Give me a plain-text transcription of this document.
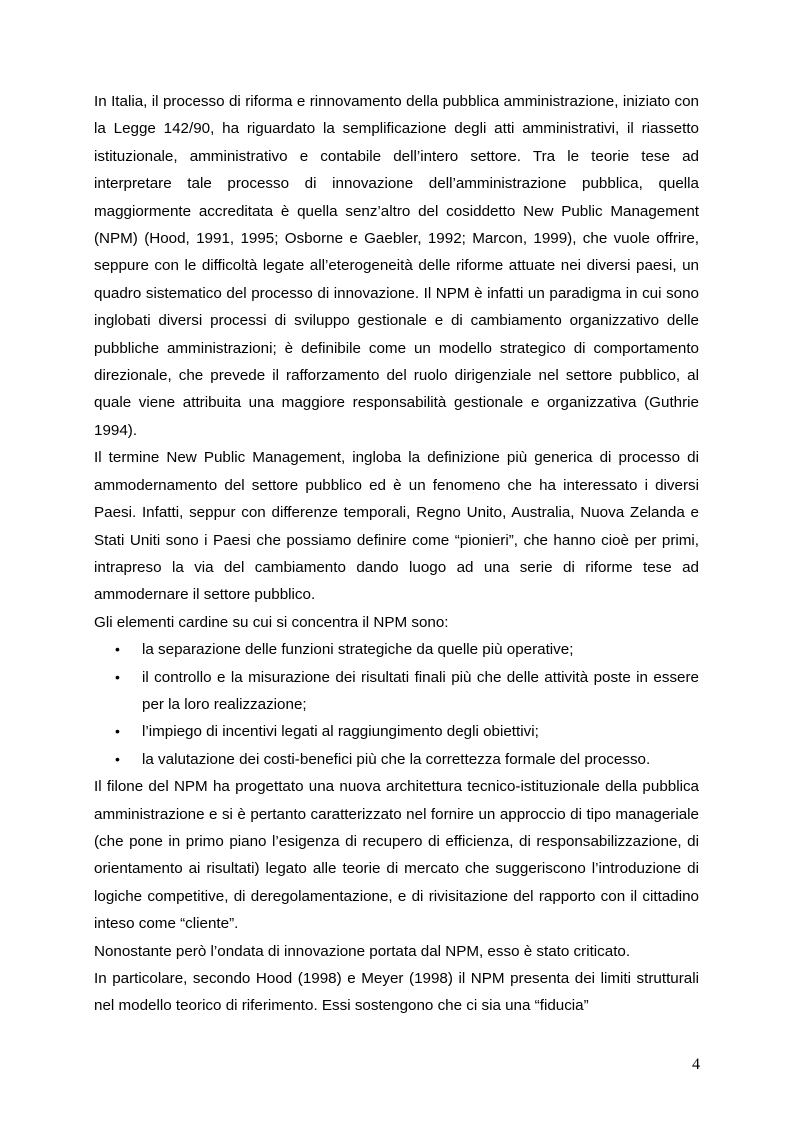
In Italia, il processo di riforma e rinnovamento della pubblica amministrazione, iniziato con la Legge 142/90, ha riguardato la semplificazione degli atti amministrativi, il riassetto istituzionale, amministrativo e contabile dell’intero settore. Tra le teorie tese ad interpretare tale processo di innovazione dell’amministrazione pubblica, quella maggiormente accreditata è quella senz’altro del cosiddetto New Public Management (NPM) (Hood, 1991, 1995; Osborne e Gaebler, 1992; Marcon, 1999), che vuole offrire, seppure con le difficoltà legate all’eterogeneità delle riforme attuate nei diversi paesi, un quadro sistematico del processo di innovazione. Il NPM è infatti un paradigma in cui sono inglobati diversi processi di sviluppo gestionale e di cambiamento organizzativo delle pubbliche amministrazioni; è definibile come un modello strategico di comportamento direzionale, che prevede il rafforzamento del ruolo dirigenziale nel settore pubblico, al quale viene attribuita una maggiore responsabilità gestionale e organizzativa (Guthrie 1994).

Il termine New Public Management, ingloba la definizione più generica di processo di ammodernamento del settore pubblico ed è un fenomeno che ha interessato i diversi Paesi. Infatti, seppur con differenze temporali, Regno Unito, Australia, Nuova Zelanda e Stati Uniti sono i Paesi che possiamo definire come “pionieri”, che hanno cioè per primi, intrapreso la via del cambiamento dando luogo ad una serie di riforme tese ad ammodernare il settore pubblico.

Gli elementi cardine su cui si concentra il NPM sono:

• la separazione delle funzioni strategiche da quelle più operative;
• il controllo e la misurazione dei risultati finali più che delle attività poste in essere per la loro realizzazione;
• l’impiego di incentivi legati al raggiungimento degli obiettivi;
• la valutazione dei costi-benefici più che la correttezza formale del processo.

Il filone del NPM ha progettato una nuova architettura tecnico-istituzionale della pubblica amministrazione e si è pertanto caratterizzato nel fornire un approccio di tipo manageriale (che pone in primo piano l’esigenza di recupero di efficienza, di responsabilizzazione, di orientamento ai risultati) legato alle teorie di mercato che suggeriscono l’introduzione di logiche competitive, di deregolamentazione, e di rivisitazione del rapporto con il cittadino inteso come “cliente”.

Nonostante però l’ondata di innovazione portata dal NPM, esso è stato criticato.

In particolare, secondo Hood (1998) e Meyer (1998) il NPM presenta dei limiti strutturali nel modello teorico di riferimento. Essi sostengono che ci sia una “fiducia”

4
